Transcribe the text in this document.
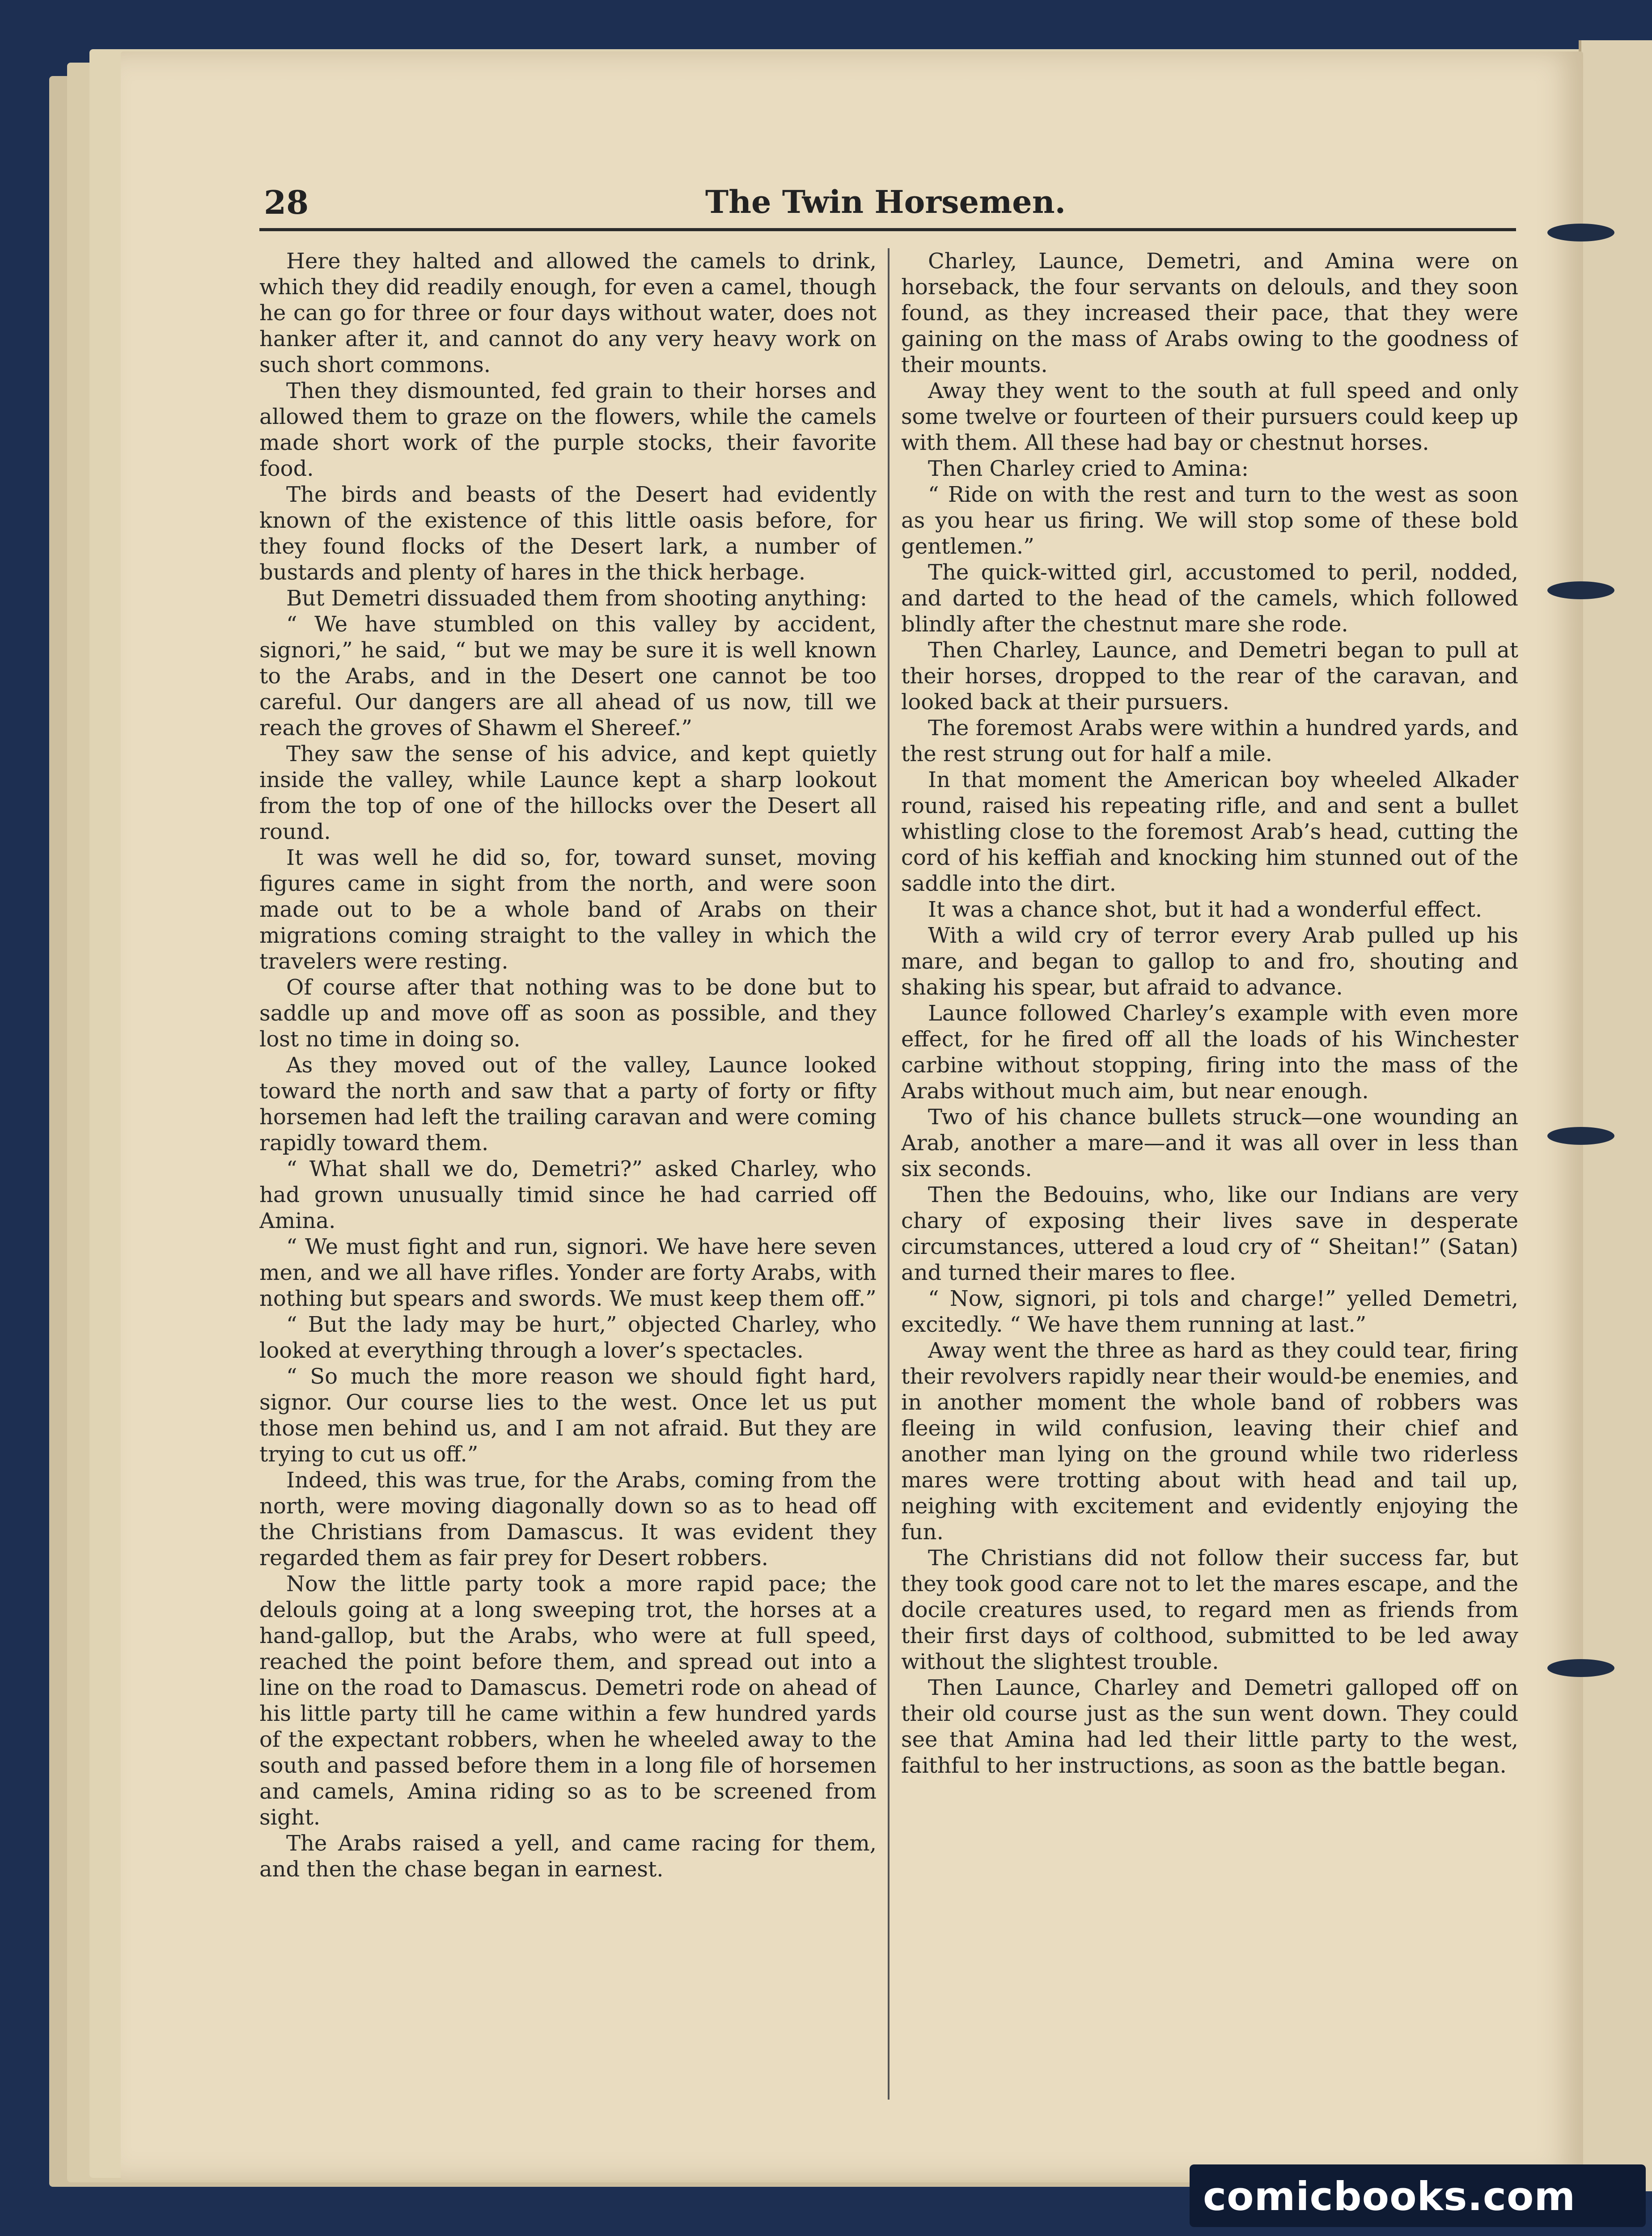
28	The Twin Horsemen.

Here they halted and allowed the camels to drink, which they did readily enough, for even a camel, though he can go for three or four days without water, does not hanker after it, and cannot do any very heavy work on such short commons.

Then they dismounted, fed grain to their horses and allowed them to graze on the flowers, while the camels made short work of the purple stocks, their favorite food.

The birds and beasts of the Desert had evidently known of the existence of this little oasis before, for they found flocks of the Desert lark, a number of bustards and plenty of hares in the thick herbage.

But Demetri dissuaded them from shooting anything:

“ We have stumbled on this valley by accident, signori,” he said, “ but we may be sure it is well known to the Arabs, and in the Desert one cannot be too careful. Our dangers are all ahead of us now, till we reach the groves of Shawm el Shereef.”

They saw the sense of his advice, and kept quietly inside the valley, while Launce kept a sharp lookout from the top of one of the hillocks over the Desert all round.

It was well he did so, for, toward sunset, moving figures came in sight from the north, and were soon made out to be a whole band of Arabs on their migrations coming straight to the valley in which the travelers were resting.

Of course after that nothing was to be done but to saddle up and move off as soon as possible, and they lost no time in doing so.

As they moved out of the valley, Launce looked toward the north and saw that a party of forty or fifty horsemen had left the trailing caravan and were coming rapidly toward them.

“ What shall we do, Demetri?” asked Charley, who had grown unusually timid since he had carried off Amina.

“ We must fight and run, signori. We have here seven men, and we all have rifles. Yonder are forty Arabs, with nothing but spears and swords. We must keep them off.”

“ But the lady may be hurt,” objected Charley, who looked at everything through a lover’s spectacles.

“ So much the more reason we should fight hard, signor. Our course lies to the west. Once let us put those men behind us, and I am not afraid. But they are trying to cut us off.”

Indeed, this was true, for the Arabs, coming from the north, were moving diagonally down so as to head off the Christians from Damascus. It was evident they regarded them as fair prey for Desert robbers.

Now the little party took a more rapid pace; the delouls going at a long sweeping trot, the horses at a hand-gallop, but the Arabs, who were at full speed, reached the point before them, and spread out into a line on the road to Damascus. Demetri rode on ahead of his little party till he came within a few hundred yards of the expectant robbers, when he wheeled away to the south and passed before them in a long file of horsemen and camels, Amina riding so as to be screened from sight.

The Arabs raised a yell, and came racing for them, and then the chase began in earnest.

Charley, Launce, Demetri, and Amina were on horseback, the four servants on delouls, and they soon found, as they increased their pace, that they were gaining on the mass of Arabs owing to the goodness of their mounts.

Away they went to the south at full speed and only some twelve or fourteen of their pursuers could keep up with them. All these had bay or chestnut horses.

Then Charley cried to Amina:

“ Ride on with the rest and turn to the west as soon as you hear us firing. We will stop some of these bold gentlemen.”

The quick-witted girl, accustomed to peril, nodded, and darted to the head of the camels, which followed blindly after the chestnut mare she rode.

Then Charley, Launce, and Demetri began to pull at their horses, dropped to the rear of the caravan, and looked back at their pursuers.

The foremost Arabs were within a hundred yards, and the rest strung out for half a mile.

In that moment the American boy wheeled Alkader round, raised his repeating rifle, and and sent a bullet whistling close to the foremost Arab’s head, cutting the cord of his keffiah and knocking him stunned out of the saddle into the dirt.

It was a chance shot, but it had a wonderful effect.

With a wild cry of terror every Arab pulled up his mare, and began to gallop to and fro, shouting and shaking his spear, but afraid to advance.

Launce followed Charley’s example with even more effect, for he fired off all the loads of his Winchester carbine without stopping, firing into the mass of the Arabs without much aim, but near enough.

Two of his chance bullets struck—one wounding an Arab, another a mare—and it was all over in less than six seconds.

Then the Bedouins, who, like our Indians are very chary of exposing their lives save in desperate circumstances, uttered a loud cry of “ Sheitan!” (Satan) and turned their mares to flee.

“ Now, signori, pi tols and charge!” yelled Demetri, excitedly. “ We have them running at last.”

Away went the three as hard as they could tear, firing their revolvers rapidly near their would-be enemies, and in another moment the whole band of robbers was fleeing in wild confusion, leaving their chief and another man lying on the ground while two riderless mares were trotting about with head and tail up, neighing with excitement and evidently enjoying the fun.

The Christians did not follow their success far, but they took good care not to let the mares escape, and the docile creatures used, to regard men as friends from their first days of colthood, submitted to be led away without the slightest trouble.

Then Launce, Charley and Demetri galloped off on their old course just as the sun went down. They could see that Amina had led their little party to the west, faithful to her instructions, as soon as the battle began.

comicbooks.com
